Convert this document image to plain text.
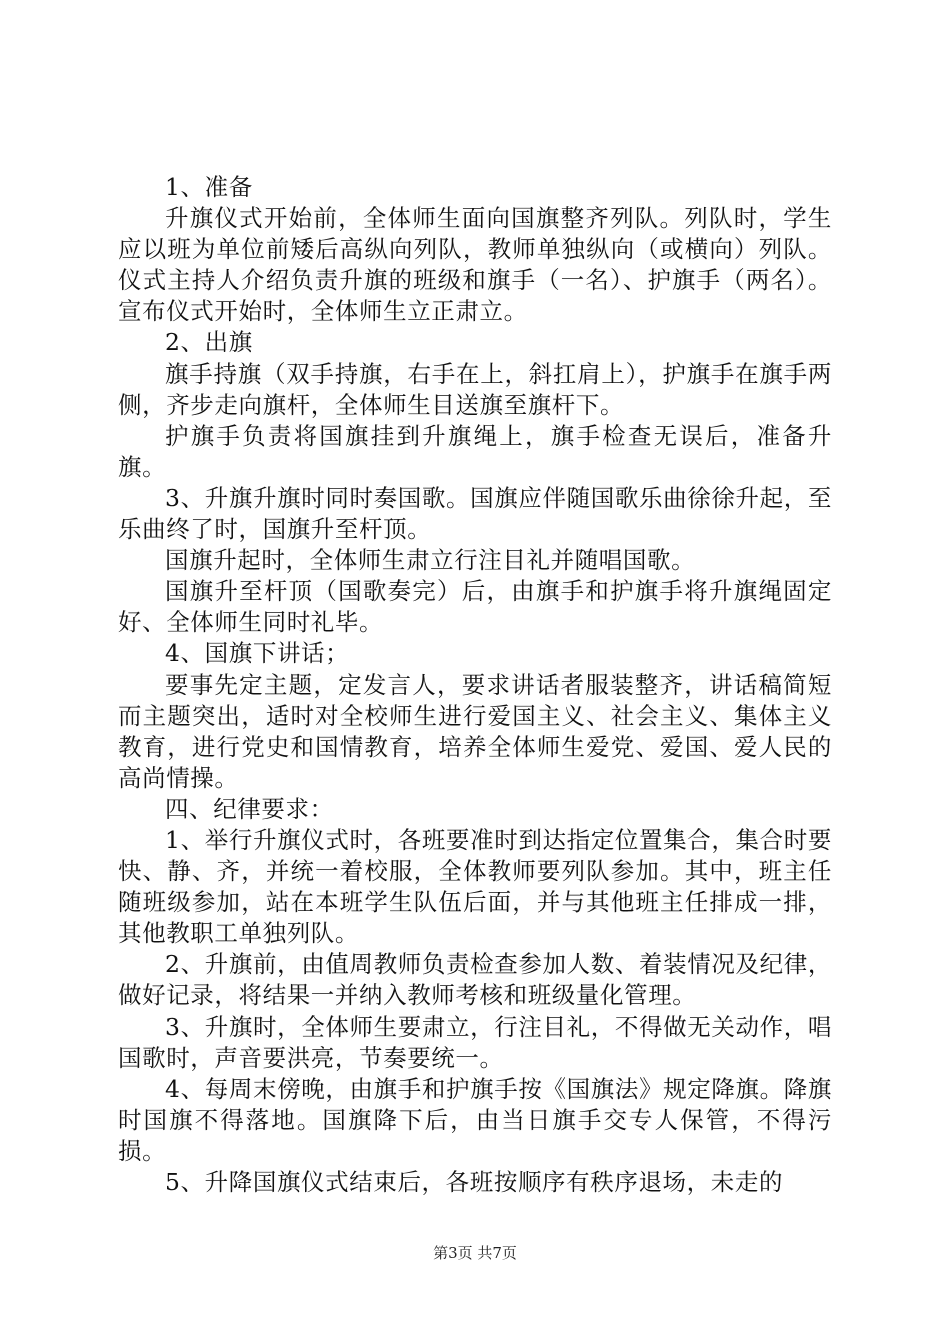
1、准备

升旗仪式开始前，全体师生面向国旗整齐列队。列队时，学生应以班为单位前矮后高纵向列队，教师单独纵向（或横向）列队。仪式主持人介绍负责升旗的班级和旗手（一名）、护旗手（两名）。宣布仪式开始时，全体师生立正肃立。

2、出旗

旗手持旗（双手持旗，右手在上，斜扛肩上），护旗手在旗手两侧，齐步走向旗杆，全体师生目送旗至旗杆下。

护旗手负责将国旗挂到升旗绳上，旗手检查无误后，准备升旗。

3、升旗升旗时同时奏国歌。国旗应伴随国歌乐曲徐徐升起，至乐曲终了时，国旗升至杆顶。

国旗升起时，全体师生肃立行注目礼并随唱国歌。

国旗升至杆顶（国歌奏完）后，由旗手和护旗手将升旗绳固定好、全体师生同时礼毕。

4、国旗下讲话；

要事先定主题，定发言人，要求讲话者服装整齐，讲话稿简短而主题突出，适时对全校师生进行爱国主义、社会主义、集体主义教育，进行党史和国情教育，培养全体师生爱党、爱国、爱人民的高尚情操。

四、纪律要求：

1、举行升旗仪式时，各班要准时到达指定位置集合，集合时要快、静、齐，并统一着校服，全体教师要列队参加。其中，班主任随班级参加，站在本班学生队伍后面，并与其他班主任排成一排，其他教职工单独列队。

2、升旗前，由值周教师负责检查参加人数、着装情况及纪律，做好记录，将结果一并纳入教师考核和班级量化管理。

3、升旗时，全体师生要肃立，行注目礼，不得做无关动作，唱国歌时，声音要洪亮，节奏要统一。

4、每周末傍晚，由旗手和护旗手按《国旗法》规定降旗。降旗时国旗不得落地。国旗降下后，由当日旗手交专人保管，不得污损。

5、升降国旗仪式结束后，各班按顺序有秩序退场，未走的

第3页 共7页
